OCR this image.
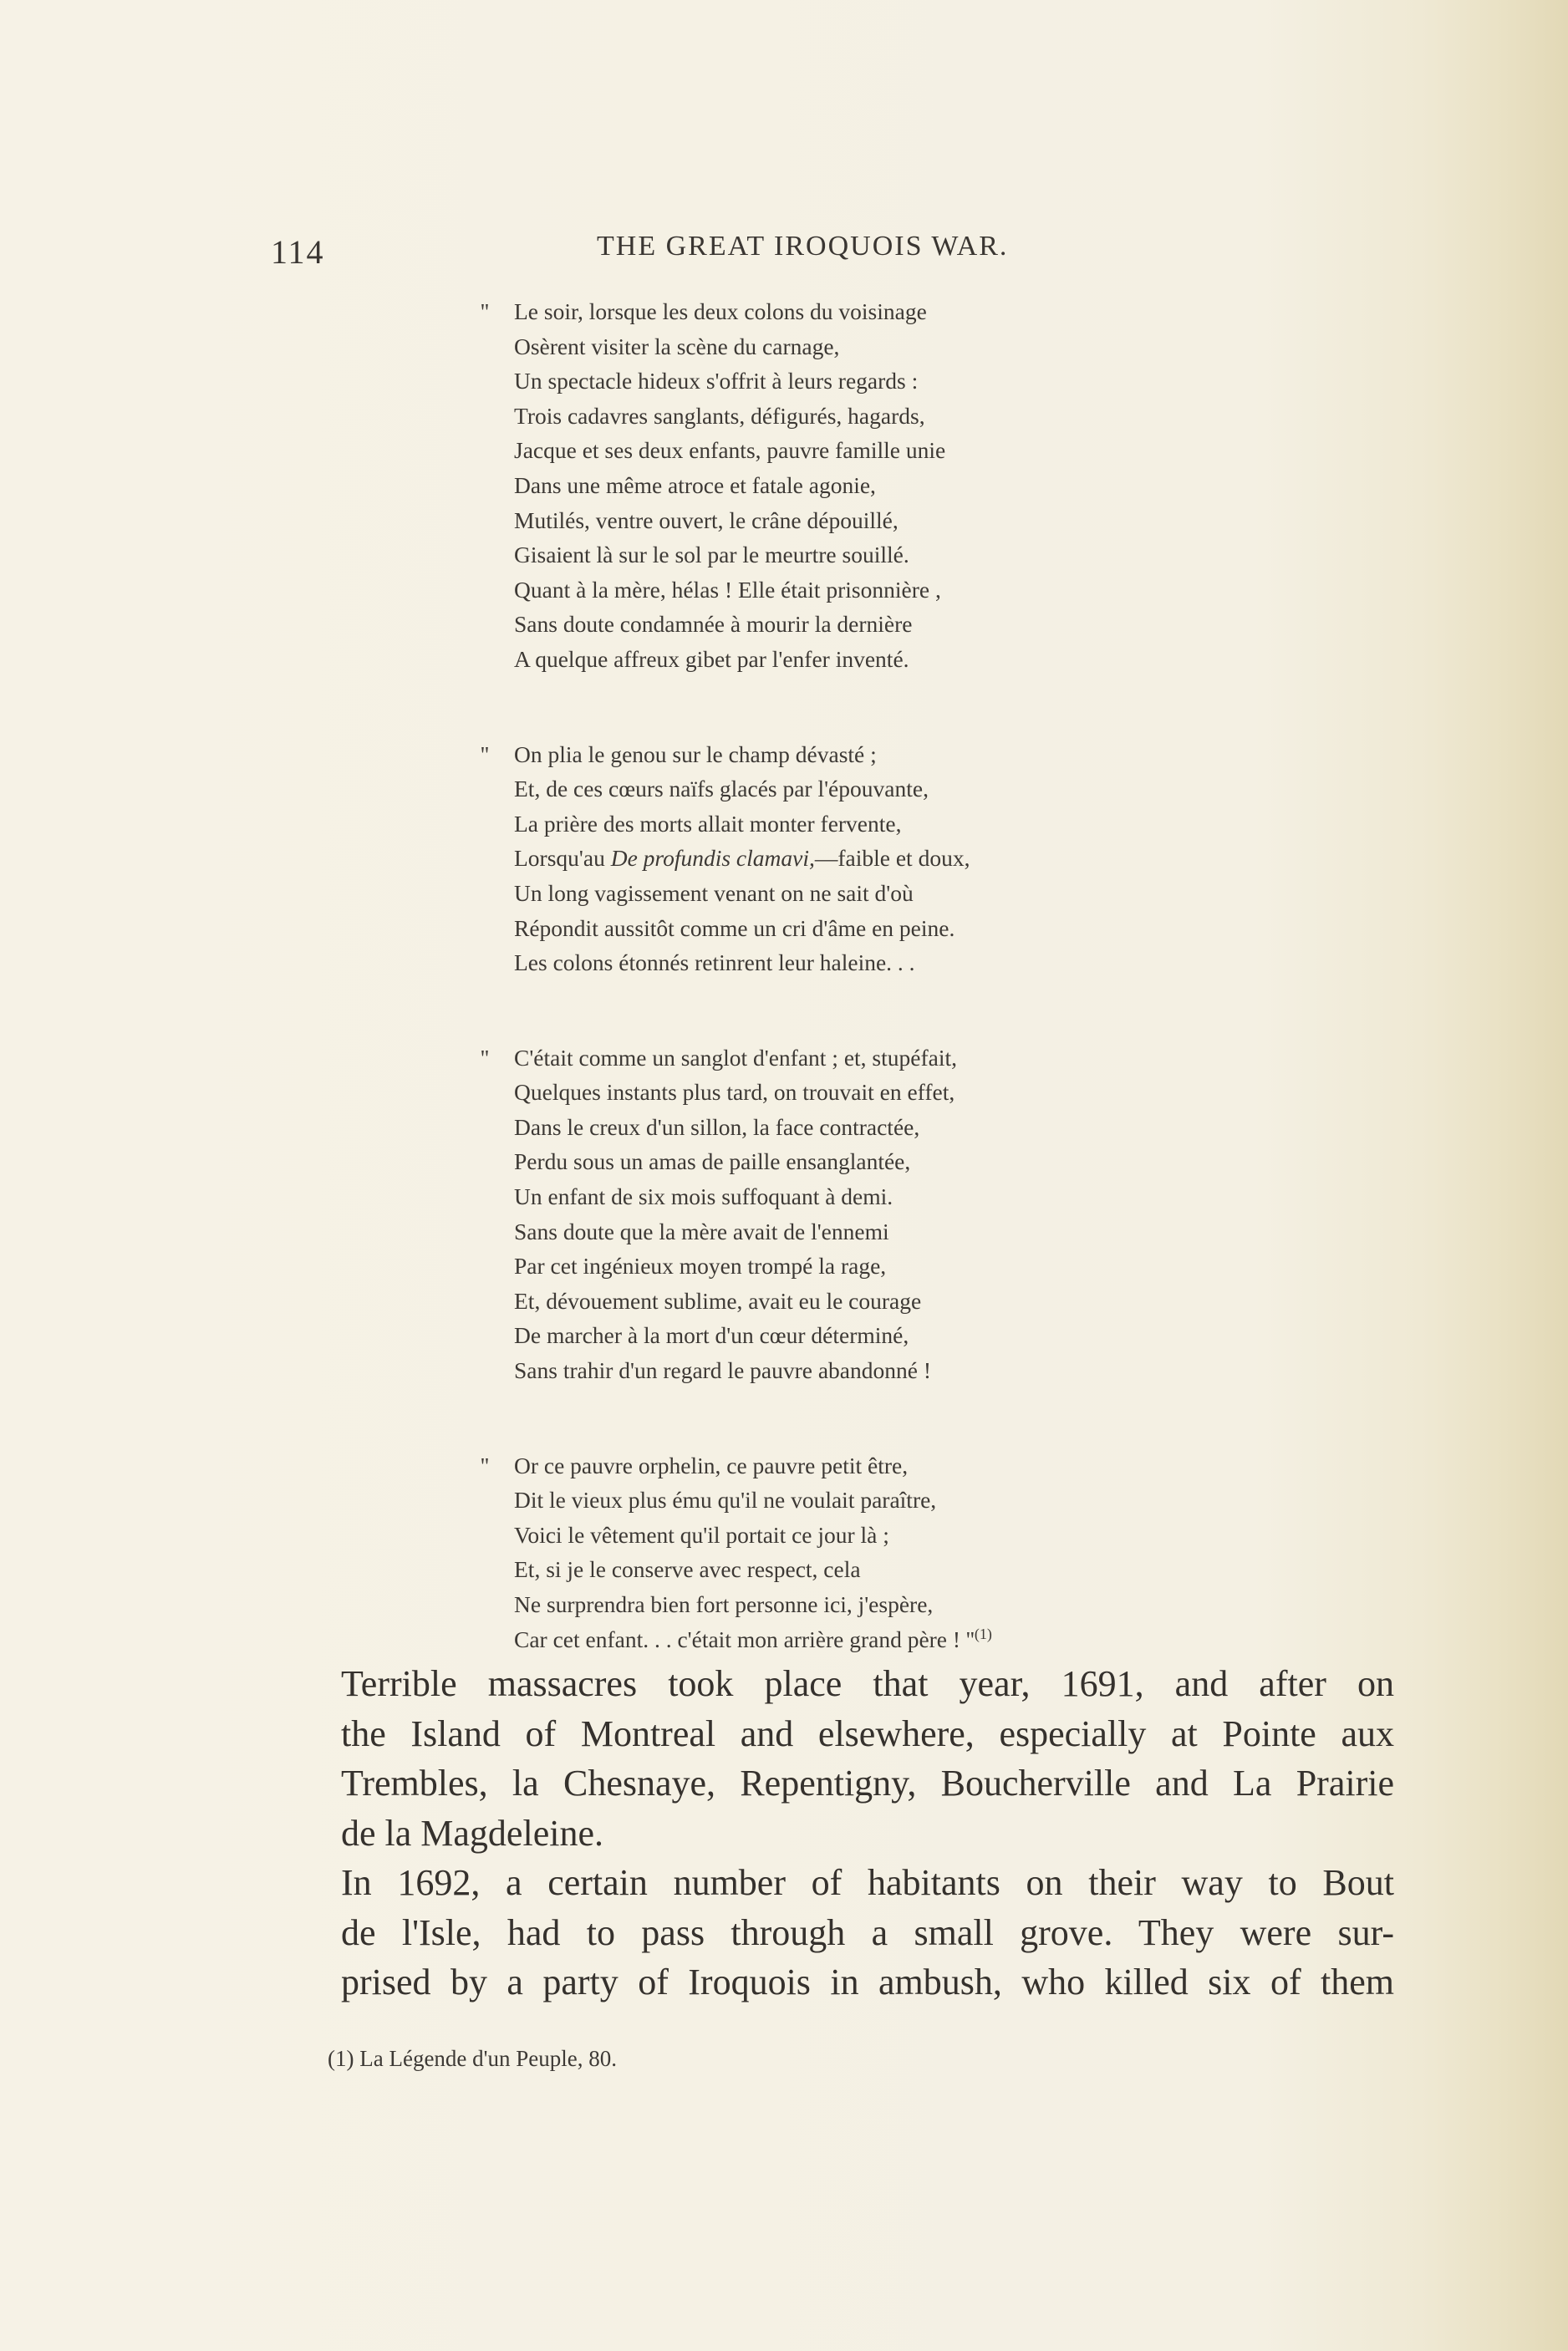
114	THE GREAT IROQUOIS WAR.
'' Le soir, lorsque les deux colons du voisinage
Osèrent visiter la scène du carnage,
Un spectacle hideux s'offrit à leurs regards :
Trois cadavres sanglants, défigurés, hagards,
Jacque et ses deux enfants, pauvre famille unie
Dans une même atroce et fatale agonie,
Mutilés, ventre ouvert, le crâne dépouillé,
Gisaient là sur le sol par le meurtre souillé.
Quant à la mère, hélas ! Elle était prisonnière ,
Sans doute condamnée à mourir la dernière
A quelque affreux gibet par l'enfer inventé.
'' On plia le genou sur le champ dévasté ;
Et, de ces cœurs naïfs glacés par l'épouvante,
La prière des morts allait monter fervente,
Lorsqu'au De profundis clamavi,—faible et doux,
Un long vagissement venant on ne sait d'où
Répondit aussitôt comme un cri d'âme en peine.
Les colons étonnés retinrent leur haleine. . .
'' C'était comme un sanglot d'enfant ; et, stupéfait,
Quelques instants plus tard, on trouvait en effet,
Dans le creux d'un sillon, la face contractée,
Perdu sous un amas de paille ensanglantée,
Un enfant de six mois suffoquant à demi.
Sans doute que la mère avait de l'ennemi
Par cet ingénieux moyen trompé la rage,
Et, dévouement sublime, avait eu le courage
De marcher à la mort d'un cœur déterminé,
Sans trahir d'un regard le pauvre abandonné !
'' Or ce pauvre orphelin, ce pauvre petit être,
Dit le vieux plus ému qu'il ne voulait paraître,
Voici le vêtement qu'il portait ce jour là ;
Et, si je le conserve avec respect, cela
Ne surprendra bien fort personne ici, j'espère,
Car cet enfant. . . c'était mon arrière grand père ! ''$^{(1)}$

Terrible massacres took place that year, 1691, and after on
the Island of Montreal and elsewhere, especially at Pointe aux
Trembles, la Chesnaye, Repentigny, Boucherville and La Prairie
de la Magdeleine.

In 1692, a certain number of habitants on their way to Bout
de l'Isle, had to pass through a small grove. They were sur-
prised by a party of Iroquois in ambush, who killed six of them

(1) La Légende d'un Peuple, 80.
